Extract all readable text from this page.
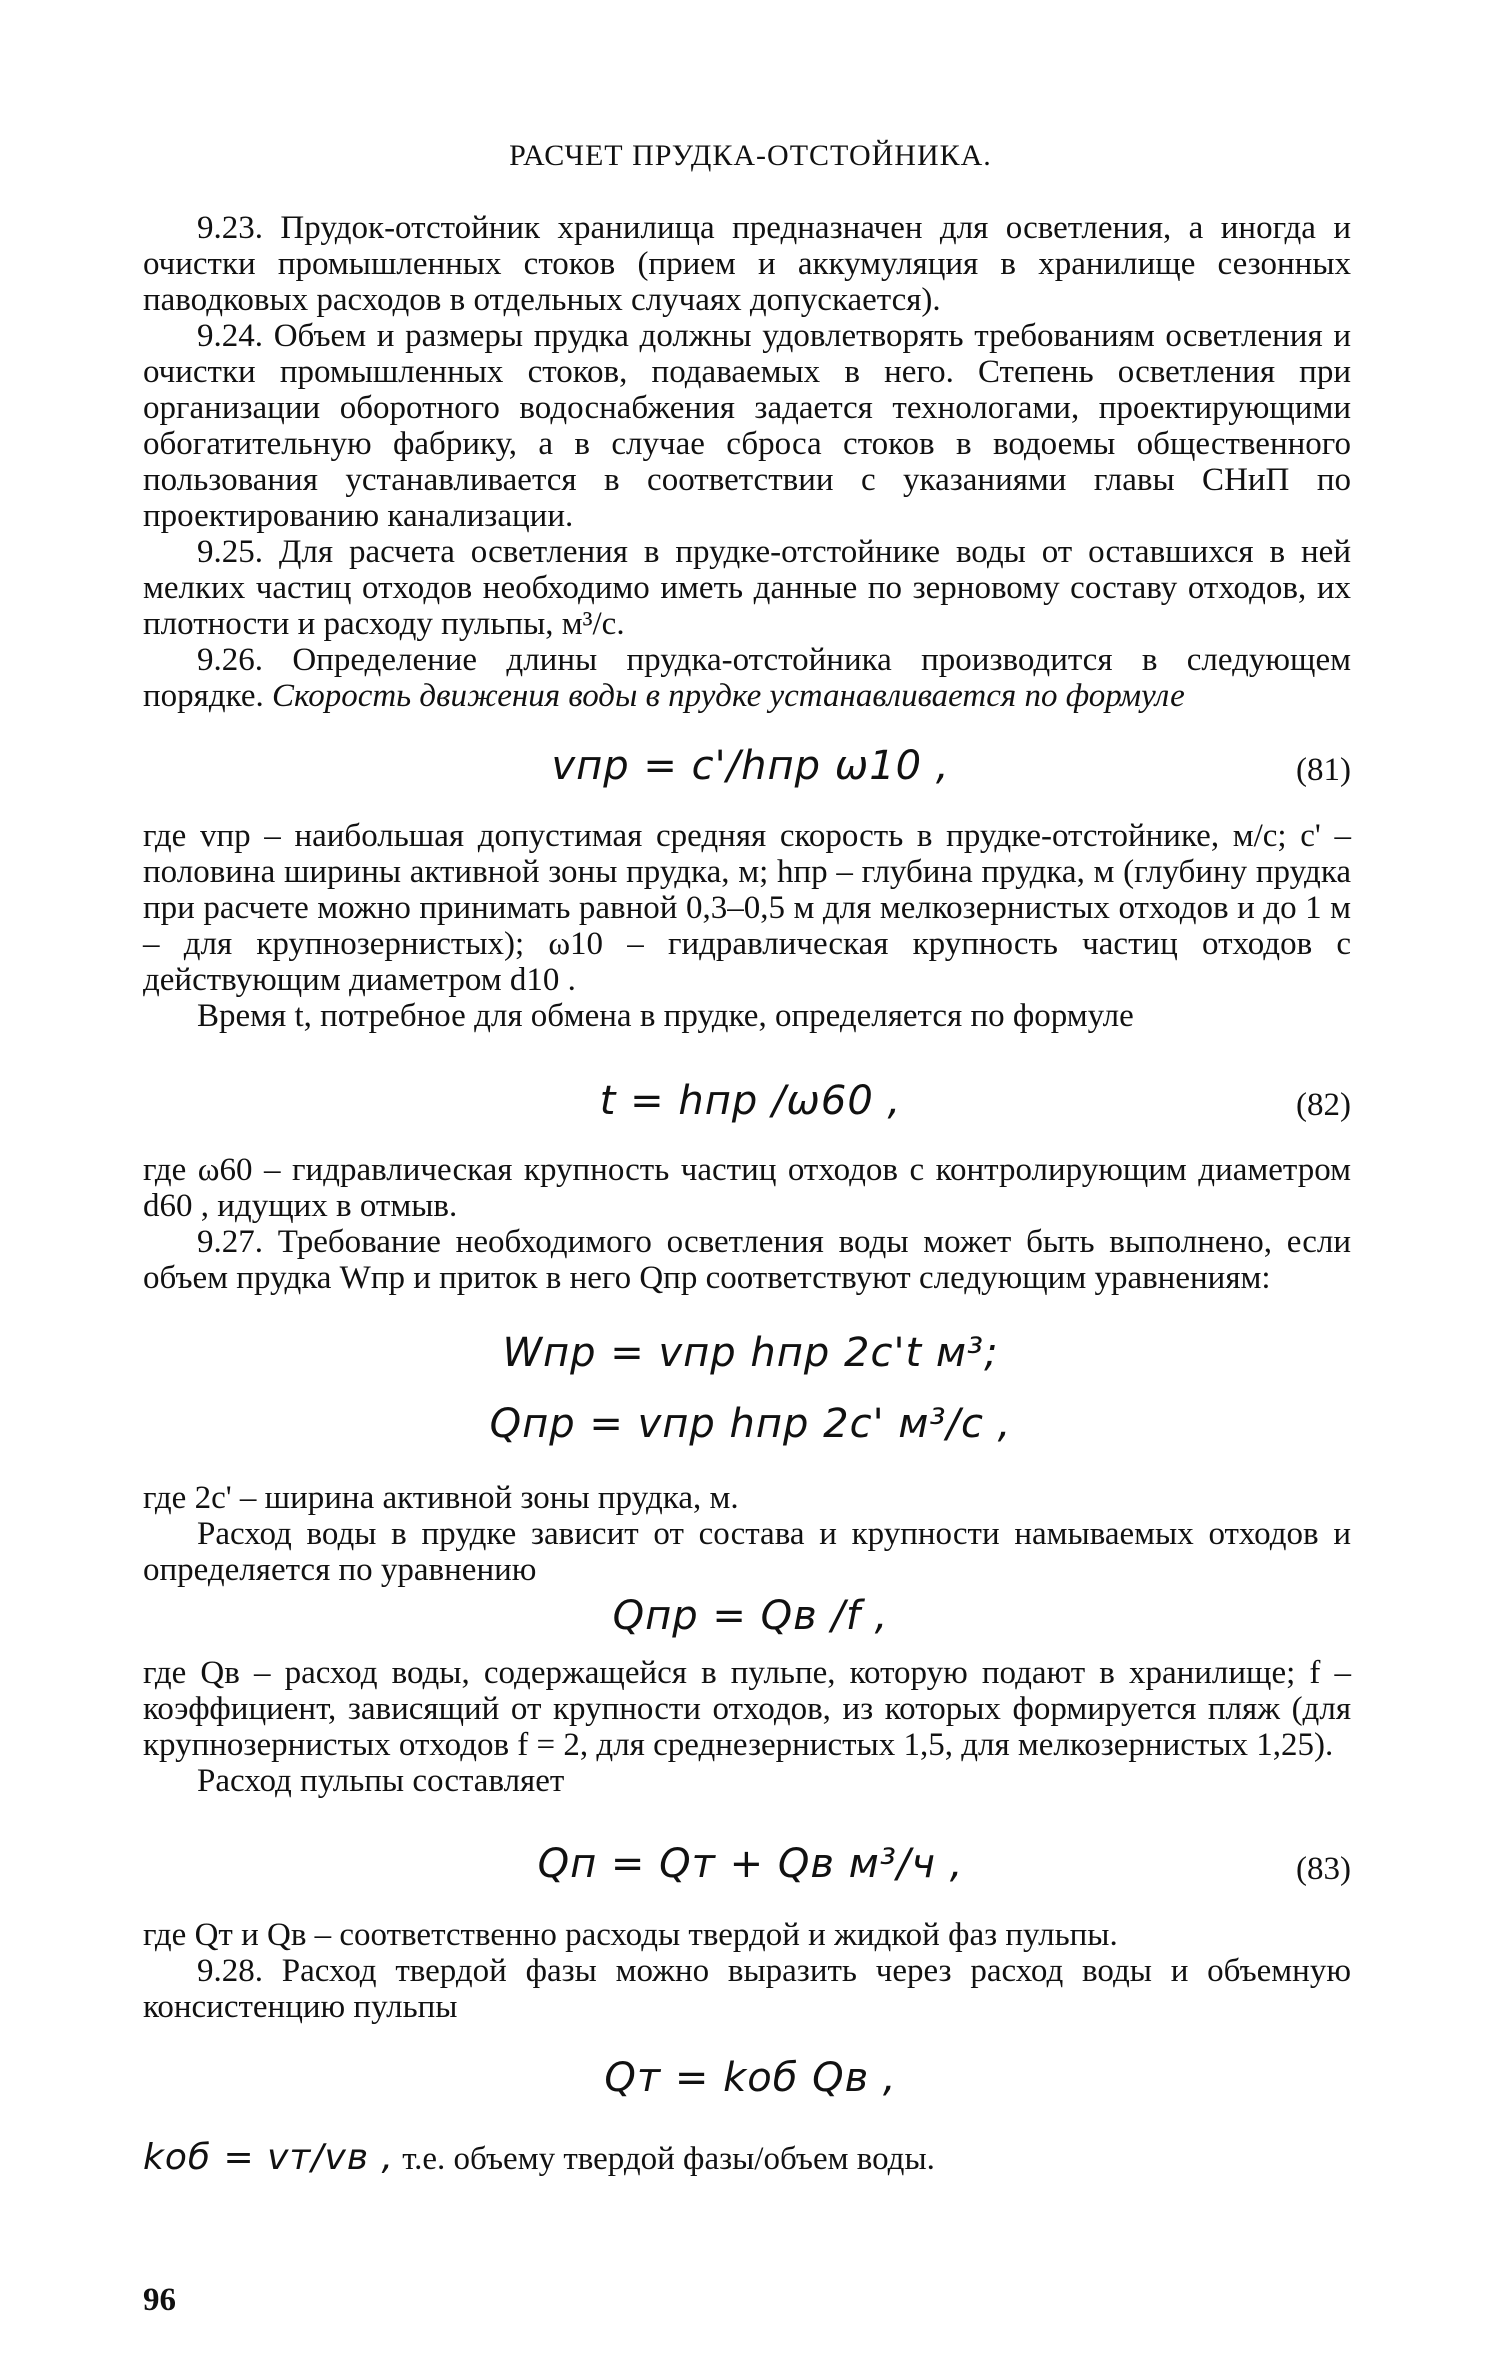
РАСЧЕТ ПРУДКА-ОТСТОЙНИКА.

9.23. Прудок-отстойник хранилища предназначен для осветления, а иногда и очистки промышленных стоков (прием и аккумуляция в хранилище сезонных паводковых расходов в отдельных случаях допускается).

9.24. Объем и размеры прудка должны удовлетворять требованиям осветления и очистки промышленных стоков, подаваемых в него. Степень осветления при организации оборотного водоснабжения задается технологами, проектирующими обогатительную фабрику, а в случае сброса стоков в водоемы общественного пользования устанавливается в соответствии с указаниями главы СНиП по проектированию канализации.

9.25. Для расчета осветления в прудке-отстойнике воды от оставшихся в ней мелких частиц отходов необходимо иметь данные по зерновому составу отходов, их плотности и расходу пульпы, м³/с.

9.26. Определение длины прудка-отстойника производится в следующем порядке. Скорость движения воды в прудке устанавливается по формуле

vпр = c'/hпр ω10 ,	(81)

где vпр – наибольшая допустимая средняя скорость в прудке-отстойнике, м/с; c' – половина ширины активной зоны прудка, м; hпр – глубина прудка, м (глубину прудка при расчете можно принимать равной 0,3–0,5 м для мелкозернистых отходов и до 1 м – для крупнозернистых); ω10 – гидравлическая крупность частиц отходов с действующим диаметром d10 .

Время t, потребное для обмена в прудке, определяется по формуле

t = hпр /ω60 ,	(82)

где ω60 – гидравлическая крупность частиц отходов с контролирующим диаметром d60 , идущих в отмыв.

9.27. Требование необходимого осветления воды может быть выполнено, если объем прудка Wпр и приток в него Qпр соответствуют следующим уравнениям:

Wпр = vпр hпр 2c't м³;
Qпр = vпр hпр 2c' м³/с ,

где 2c' – ширина активной зоны прудка, м.

Расход воды в прудке зависит от состава и крупности намываемых отходов и определяется по уравнению

Qпр = Qв /f ,

где Qв – расход воды, содержащейся в пульпе, которую подают в хранилище; f – коэффициент, зависящий от крупности отходов, из которых формируется пляж (для крупнозернистых отходов f = 2, для среднезернистых 1,5, для мелкозернистых 1,25).

Расход пульпы составляет

Qп = Qт + Qв м³/ч ,	(83)

где Qт и Qв – соответственно расходы твердой и жидкой фаз пульпы.

9.28. Расход твердой фазы можно выразить через расход воды и объемную консистенцию пульпы

Qт = kоб Qв ,
kоб = vт/vв , т.е. объему твердой фазы/объем воды.
96
